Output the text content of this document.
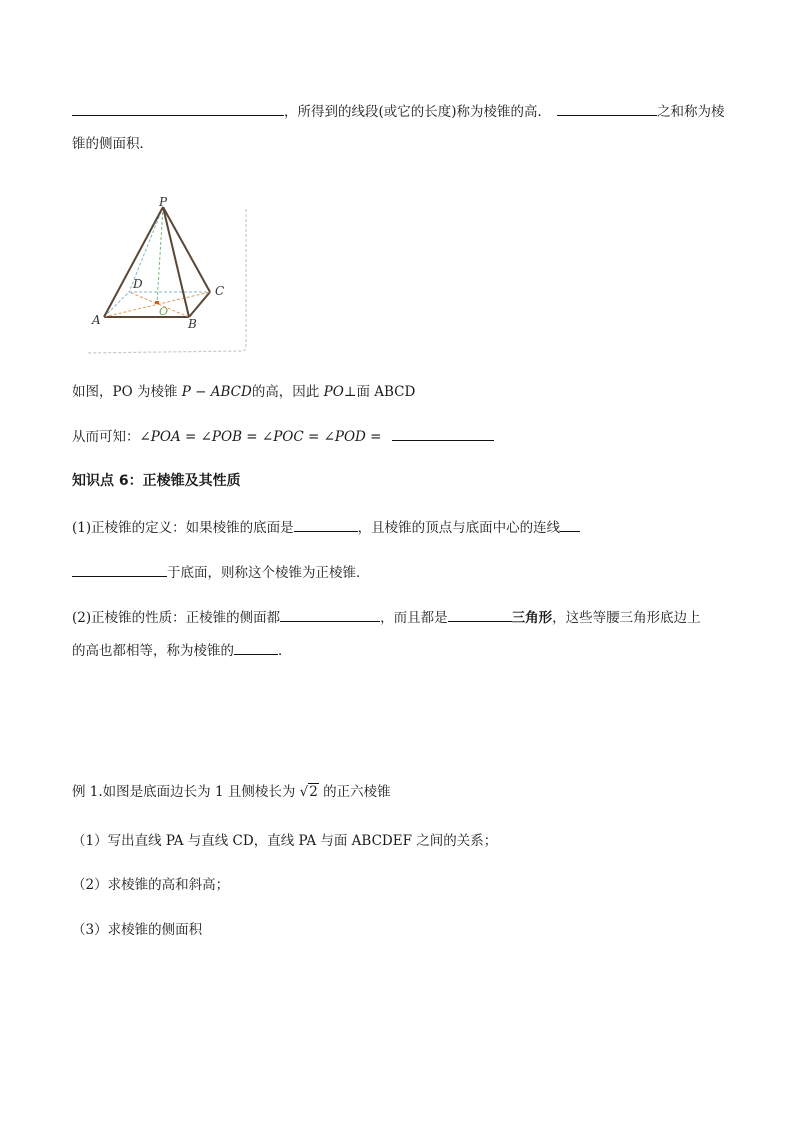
，所得到的线段(或它的长度)称为棱锥的高．	之和称为棱
锥的侧面积．
P
A	B
C
D
O
如图，PO 为棱锥 P − ABCD的高，因此 PO⊥面 ABCD
从而可知：∠POA = ∠POB = ∠POC = ∠POD =
知识点 6：正棱锥及其性质
(1)正棱锥的定义：如果棱锥的底面是	，且棱锥的顶点与底面中心的连线
于底面，则称这个棱锥为正棱锥．
(2)正棱锥的性质：正棱锥的侧面都	，而且都是	三角形，这些等腰三角形底边上
的高也都相等，称为棱锥的	．
例 1.如图是底面边长为 1 且侧棱长为 √2 的正六棱锥
（1）写出直线 PA 与直线 CD，直线 PA 与面 ABCDEF 之间的关系；
（2）求棱锥的高和斜高；
（3）求棱锥的侧面积
